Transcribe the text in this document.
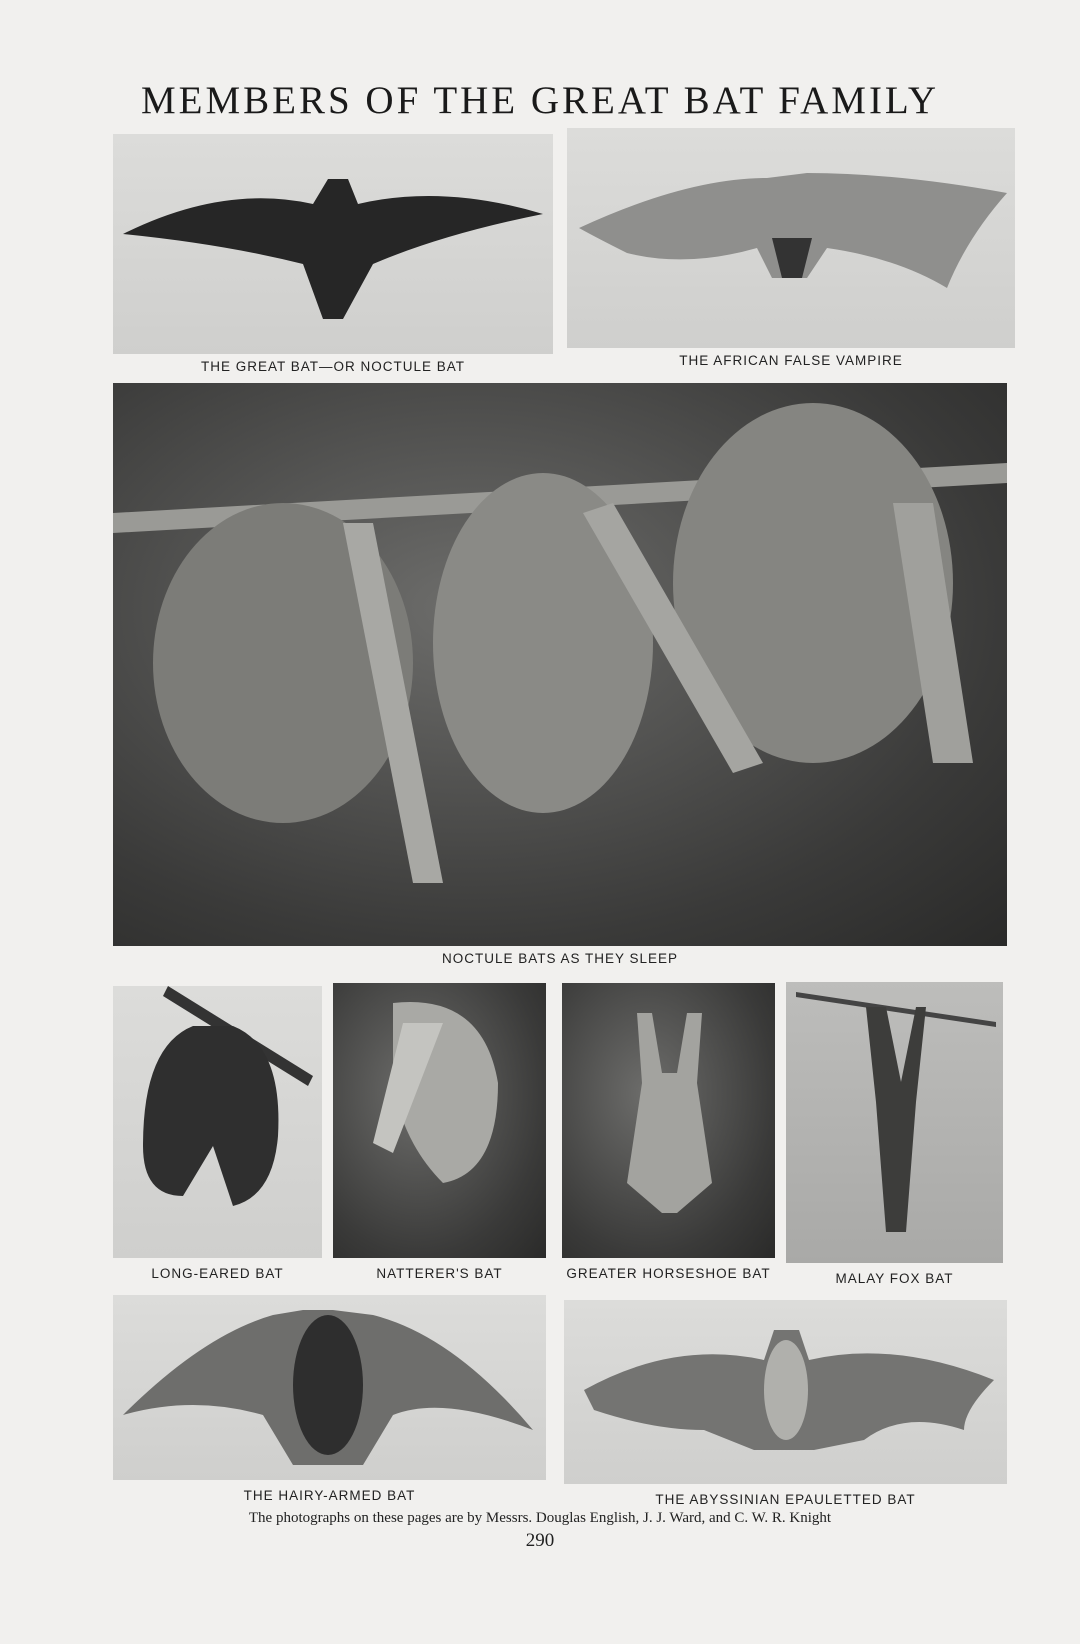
MEMBERS OF THE GREAT BAT FAMILY
THE GREAT BAT—OR NOCTULE BAT	THE AFRICAN FALSE VAMPIRE
NOCTULE BATS AS THEY SLEEP
LONG-EARED BAT	NATTERER'S BAT	GREATER HORSESHOE BAT	MALAY FOX BAT
THE HAIRY-ARMED BAT	THE ABYSSINIAN EPAULETTED BAT
The photographs on these pages are by Messrs. Douglas English, J. J. Ward, and C. W. R. Knight
290
